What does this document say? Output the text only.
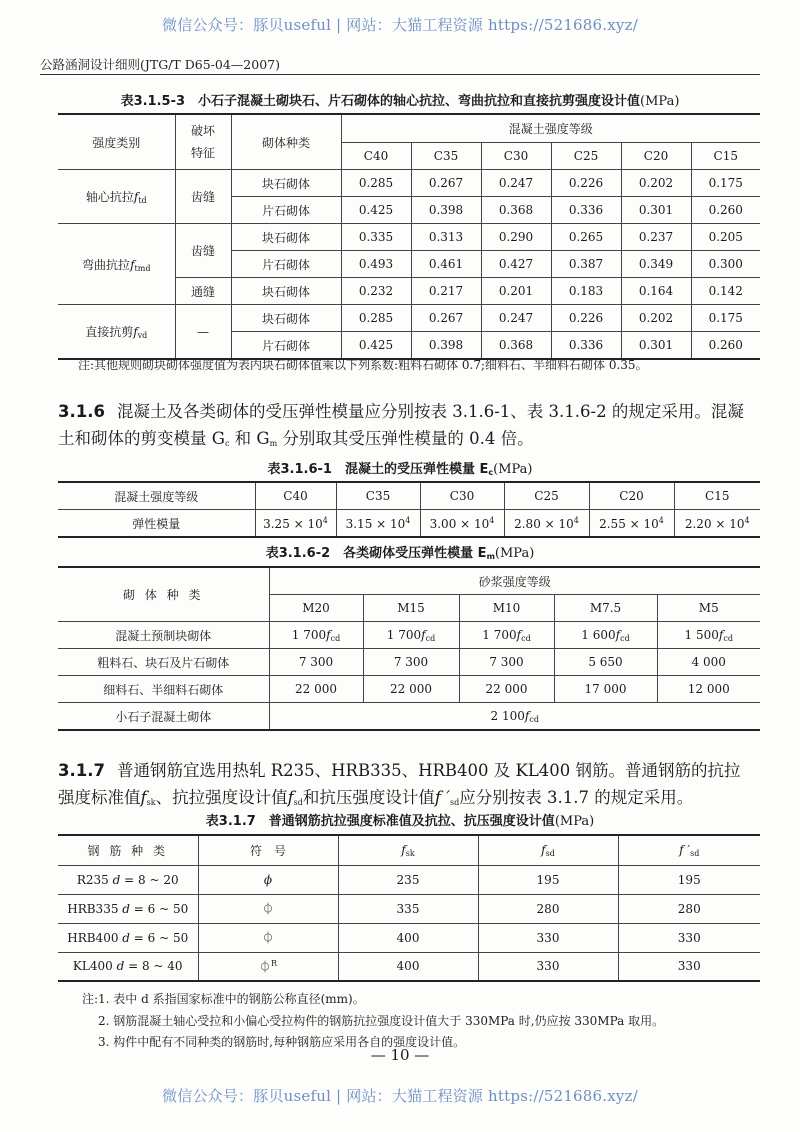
微信公众号：豚贝useful | 网站：大猫工程资源 https://521686.xyz/
公路涵洞设计细则(JTG/T D65-04—2007)
表3.1.5-3　小石子混凝土砌块石、片石砌体的轴心抗拉、弯曲抗拉和直接抗剪强度设计值(MPa)
强度类别	破坏特征	砌体种类	混凝土强度等级					
			C40	C35	C30	C25	C20	C15
轴心抗拉$f_{td}$	齿缝	块石砌体	0.285	0.267	0.247	0.226	0.202	0.175
		片石砌体	0.425	0.398	0.368	0.336	0.301	0.260
弯曲抗拉$f_{tmd}$	齿缝	块石砌体	0.335	0.313	0.290	0.265	0.237	0.205
		片石砌体	0.493	0.461	0.427	0.387	0.349	0.300
	通缝	块石砌体	0.232	0.217	0.201	0.183	0.164	0.142
直接抗剪$f_{vd}$	—	块石砌体	0.285	0.267	0.247	0.226	0.202	0.175
		片石砌体	0.425	0.398	0.368	0.336	0.301	0.260
注:其他规则砌块砌体强度值为表内块石砌体值乘以下列系数:粗料石砌体 0.7;细料石、半细料石砌体 0.35。
3.1.6 混凝土及各类砌体的受压弹性模量应分别按表 3.1.6-1、表 3.1.6-2 的规定采用。混凝土和砌体的剪变模量 $G_c$ 和 $G_m$ 分别取其受压弹性模量的 0.4 倍。
表3.1.6-1　混凝土的受压弹性模量 $E_c(MPa)$
混凝土强度等级	C40	C35	C30	C25	C20	C15
弹性模量	$3.25 \times 10^4$	$3.15 \times 10^4$	$3.00 \times 10^4$	$2.80 \times 10^4$	$2.55 \times 10^4$	$2.20 \times 10^4$
表3.1.6-2　各类砌体受压弹性模量 $E_m(MPa)$
砌 体 种 类	砂浆强度等级				
	M20	M15	M10	M7.5	M5
混凝土预制块砌体	1 $700f_{cd}$	1 $700f_{cd}$	1 $700f_{cd}$	1 $600f_{cd}$	1 $500f_{cd}$
粗料石、块石及片石砌体	7 300	7 300	7 300	5 650	4 000
细料石、半细料石砌体	22 000	22 000	22 000	17 000	12 000
小石子混凝土砌体	2 $100f_{cd}$
3.1.7 普通钢筋宜选用热轧 R235、HRB335、HRB400 及 KL400 钢筋。普通钢筋的抗拉
强度标准值$f_{sk}$、抗拉强度设计值$f_{sd}$和抗压强度设计值f $'_{sd}$应分别按表 3.1.7 的规定采用。
表3.1.7　普通钢筋抗拉强度标准值及抗拉、抗压强度设计值(MPa)
钢 筋 种 类	符　号	$f_{sk}$	$f_{sd}$	f $'_{sd}$
R235 d = 8 ~ 20	ϕ	235	195	195
HRB335 d = 6 ~ 50	⏀	335	280	280
HRB400 d = 6 ~ 50	⏀	400	330	330
KL400 d = 8 ~ 40	⏀$^R$	400	330	330
注:1. 表中 d 系指国家标准中的钢筋公称直径(mm)。
2. 钢筋混凝土轴心受拉和小偏心受拉构件的钢筋抗拉强度设计值大于 330MPa 时,仍应按 330MPa 取用。
3. 构件中配有不同种类的钢筋时,每种钢筋应采用各自的强度设计值。
— 10 —
微信公众号：豚贝useful | 网站：大猫工程资源 https://521686.xyz/
